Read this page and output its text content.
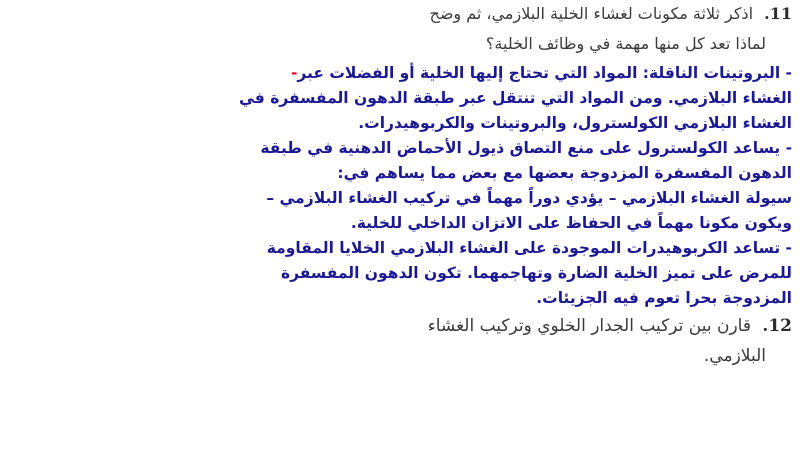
11. اذكر ثلاثة مكونات لغشاء الخلية البلازمي، ثم وضح
لماذا تعد كل منها مهمة في وظائف الخلية؟
- البروتينات الناقلة: المواد التي تحتاج إليها الخلية أو الفضلات عبر-
الغشاء البلازمي. ومن المواد التي تنتقل عبر طبقة الدهون المفسفرة في
الغشاء البلازمي الكولسترول، والبروتينات والكربوهيدرات.
- يساعد الكولسترول على منع التصاق ذيول الأحماض الدهنية في طبقة
الدهون المفسفرة المزدوجة بعضها مع بعض مما يساهم في:
سيولة الغشاء البلازمي – يؤدي دوراً مهماً في تركيب الغشاء البلازمي –
ويكون مكونا مهماً في الحفاظ على الاتزان الداخلي للخلية.
- تساعد الكربوهيدرات الموجودة على الغشاء البلازمي الخلايا المقاومة
للمرض على تميز الخلية الضارة وتهاجمهما. تكون الدهون المفسفرة
المزدوجة بحرا تعوم فيه الجزيئات.
12. قارن بين تركيب الجدار الخلوي وتركيب الغشاء
البلازمي.
